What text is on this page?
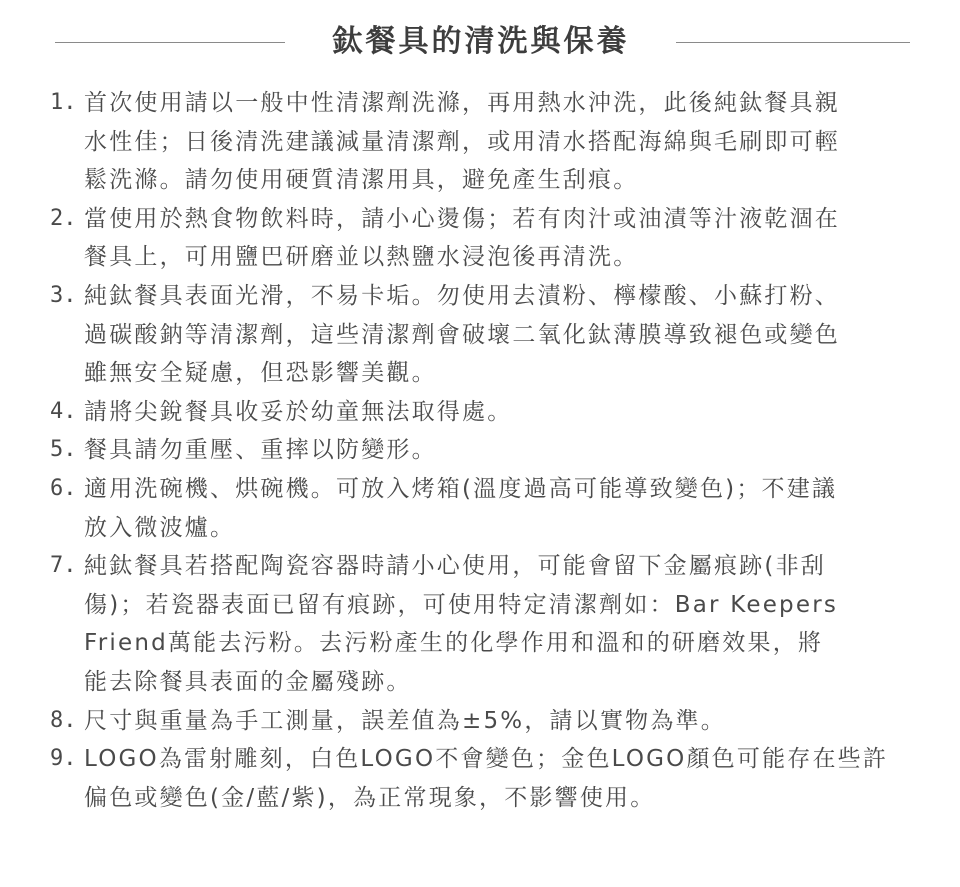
鈦餐具的清洗與保養
1. 首次使用請以一般中性清潔劑洗滌，再用熱水沖洗，此後純鈦餐具親
水性佳；日後清洗建議減量清潔劑，或用清水搭配海綿與毛刷即可輕
鬆洗滌。請勿使用硬質清潔用具，避免產生刮痕。
2. 當使用於熱食物飲料時，請小心燙傷；若有肉汁或油漬等汁液乾涸在
餐具上，可用鹽巴研磨並以熱鹽水浸泡後再清洗。
3. 純鈦餐具表面光滑，不易卡垢。勿使用去漬粉、檸檬酸、小蘇打粉、
過碳酸鈉等清潔劑，這些清潔劑會破壞二氧化鈦薄膜導致褪色或變色
雖無安全疑慮，但恐影響美觀。
4. 請將尖銳餐具收妥於幼童無法取得處。
5. 餐具請勿重壓、重摔以防變形。
6. 適用洗碗機、烘碗機。可放入烤箱(溫度過高可能導致變色)；不建議
放入微波爐。
7. 純鈦餐具若搭配陶瓷容器時請小心使用，可能會留下金屬痕跡(非刮
傷)；若瓷器表面已留有痕跡，可使用特定清潔劑如：Bar Keepers
Friend萬能去污粉。去污粉產生的化學作用和溫和的研磨效果，將
能去除餐具表面的金屬殘跡。
8. 尺寸與重量為手工測量，誤差值為±5%，請以實物為準。
9. LOGO為雷射雕刻，白色LOGO不會變色；金色LOGO顏色可能存在些許
偏色或變色(金/藍/紫)，為正常現象，不影響使用。
